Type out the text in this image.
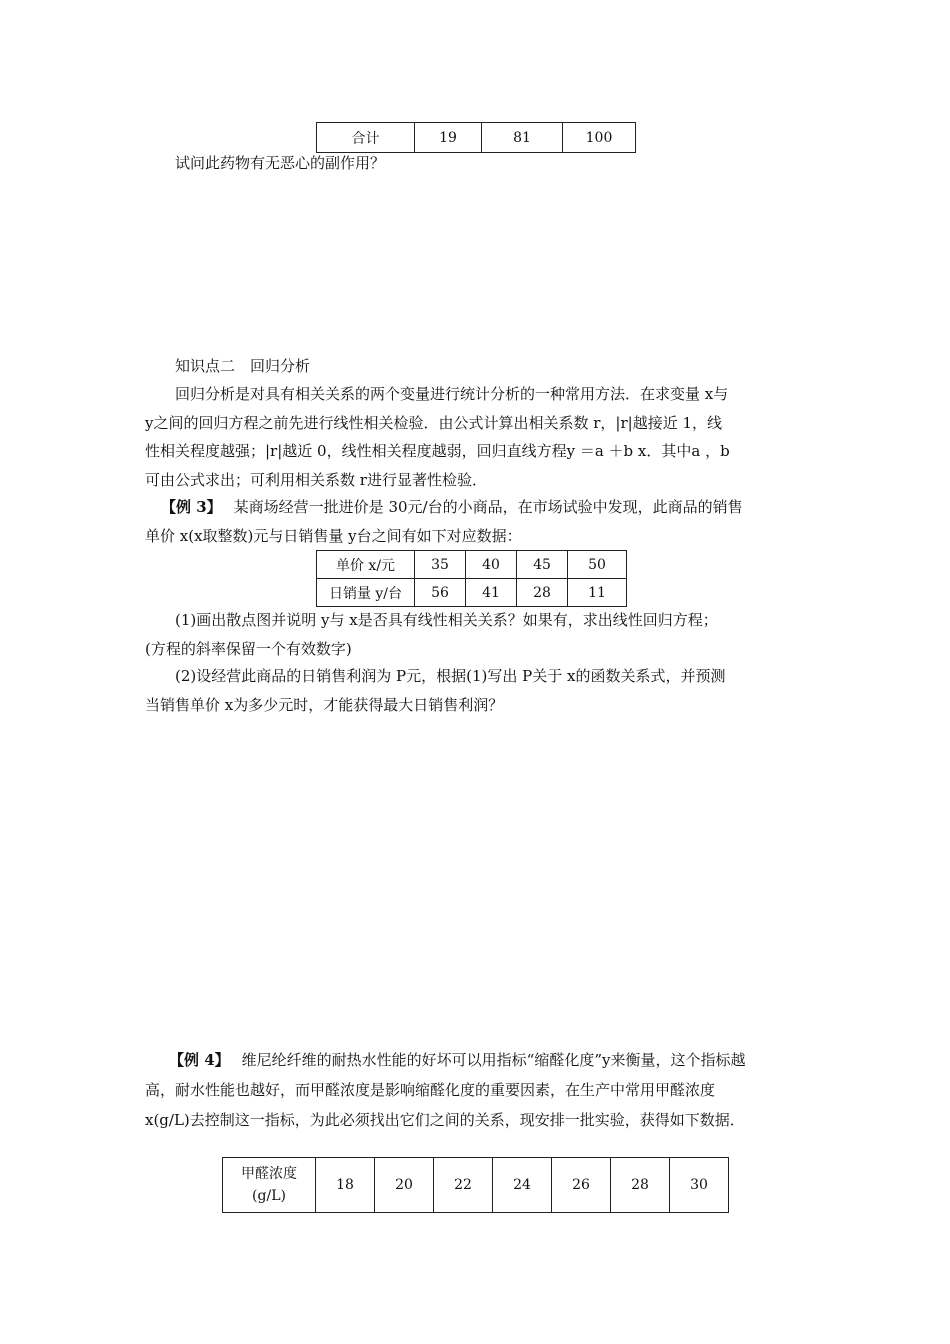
合计	19	81	100
试问此药物有无恶心的副作用？
知识点二　回归分析
回归分析是对具有相关关系的两个变量进行统计分析的一种常用方法．在求变量 x与
y之间的回归方程之前先进行线性相关检验．由公式计算出相关系数 r，|r|越接近 1，线
性相关程度越强；|r|越近 0，线性相关程度越弱，回归直线方程y ＝a ＋b x．其中a ，b
可由公式求出；可利用相关系数 r进行显著性检验．
【例 3】 某商场经营一批进价是 30元/台的小商品，在市场试验中发现，此商品的销售
单价 x(x取整数)元与日销售量 y台之间有如下对应数据：
单价 x/元	35	40	45	50
日销量 y/台	56	41	28	11
(1)画出散点图并说明 y与 x是否具有线性相关关系？如果有，求出线性回归方程；
(方程的斜率保留一个有效数字)
(2)设经营此商品的日销售利润为 P元，根据(1)写出 P关于 x的函数关系式，并预测
当销售单价 x为多少元时，才能获得最大日销售利润？
【例 4】 维尼纶纤维的耐热水性能的好坏可以用指标“缩醛化度”y来衡量，这个指标越
高，耐水性能也越好，而甲醛浓度是影响缩醛化度的重要因素，在生产中常用甲醛浓度
x(g/L)去控制这一指标，为此必须找出它们之间的关系，现安排一批实验，获得如下数据．
甲醛浓度
(g/L)
	18	20	22	24	26	28	30
